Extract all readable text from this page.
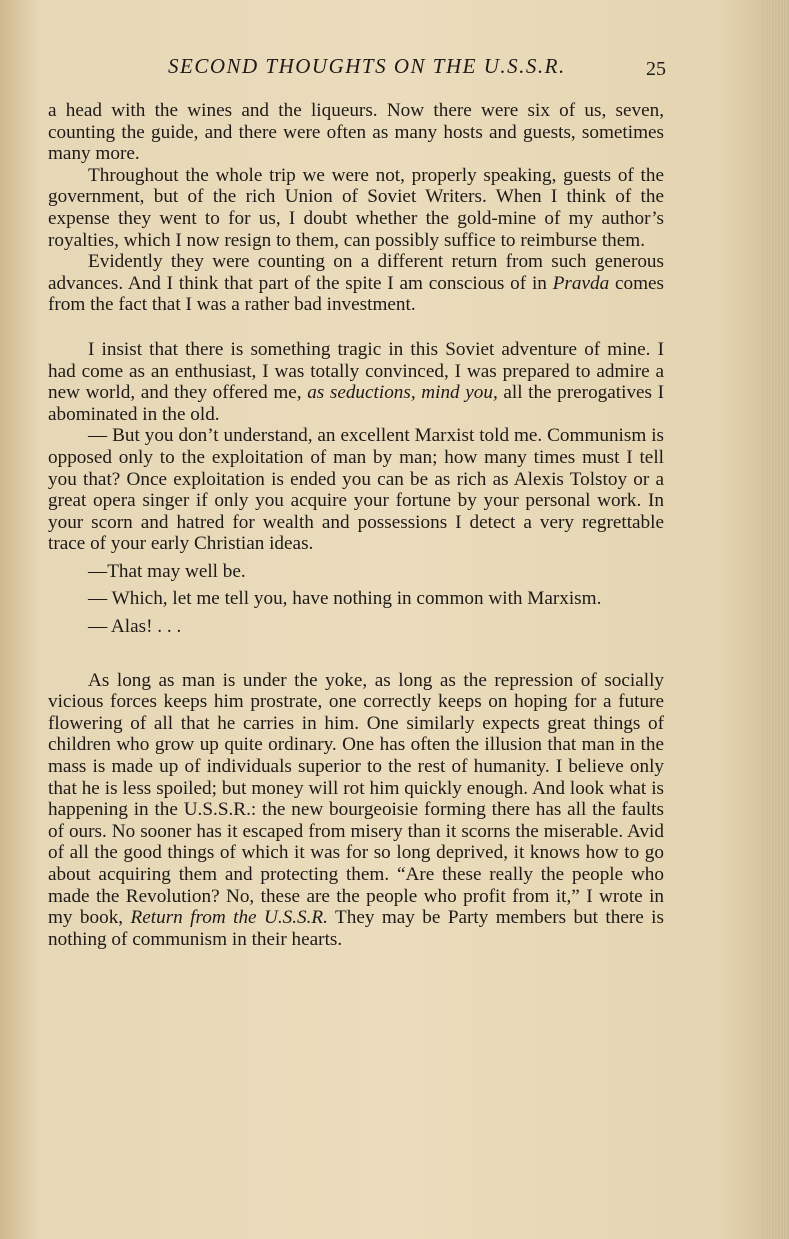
SECOND THOUGHTS ON THE U.S.S.R.	25

a head with the wines and the liqueurs. Now there were six of us, seven, counting the guide, and there were often as many hosts and guests, sometimes many more.

Throughout the whole trip we were not, properly speaking, guests of the government, but of the rich Union of Soviet Writers. When I think of the expense they went to for us, I doubt whether the gold-mine of my author’s royalties, which I now resign to them, can possibly suffice to reimburse them.

Evidently they were counting on a different return from such generous advances. And I think that part of the spite I am conscious of in Pravda comes from the fact that I was a rather bad investment.

I insist that there is something tragic in this Soviet adventure of mine. I had come as an enthusiast, I was totally convinced, I was prepared to admire a new world, and they offered me, as seductions, mind you, all the prerogatives I abominated in the old.

— But you don’t understand, an excellent Marxist told me. Communism is opposed only to the exploitation of man by man; how many times must I tell you that? Once exploitation is ended you can be as rich as Alexis Tolstoy or a great opera singer if only you acquire your fortune by your personal work. In your scorn and hatred for wealth and possessions I detect a very regrettable trace of your early Christian ideas.

—That may well be.

— Which, let me tell you, have nothing in common with Marxism.

— Alas! . . .

As long as man is under the yoke, as long as the repression of socially vicious forces keeps him prostrate, one correctly keeps on hoping for a future flowering of all that he carries in him. One similarly expects great things of children who grow up quite ordinary. One has often the illusion that man in the mass is made up of individuals superior to the rest of humanity. I believe only that he is less spoiled; but money will rot him quickly enough. And look what is happening in the U.S.S.R.: the new bourgeoisie forming there has all the faults of ours. No sooner has it escaped from misery than it scorns the miserable. Avid of all the good things of which it was for so long deprived, it knows how to go about acquiring them and protecting them. “Are these really the people who made the Revolution? No, these are the people who profit from it,” I wrote in my book, Return from the U.S.S.R. They may be Party members but there is nothing of communism in their hearts.
